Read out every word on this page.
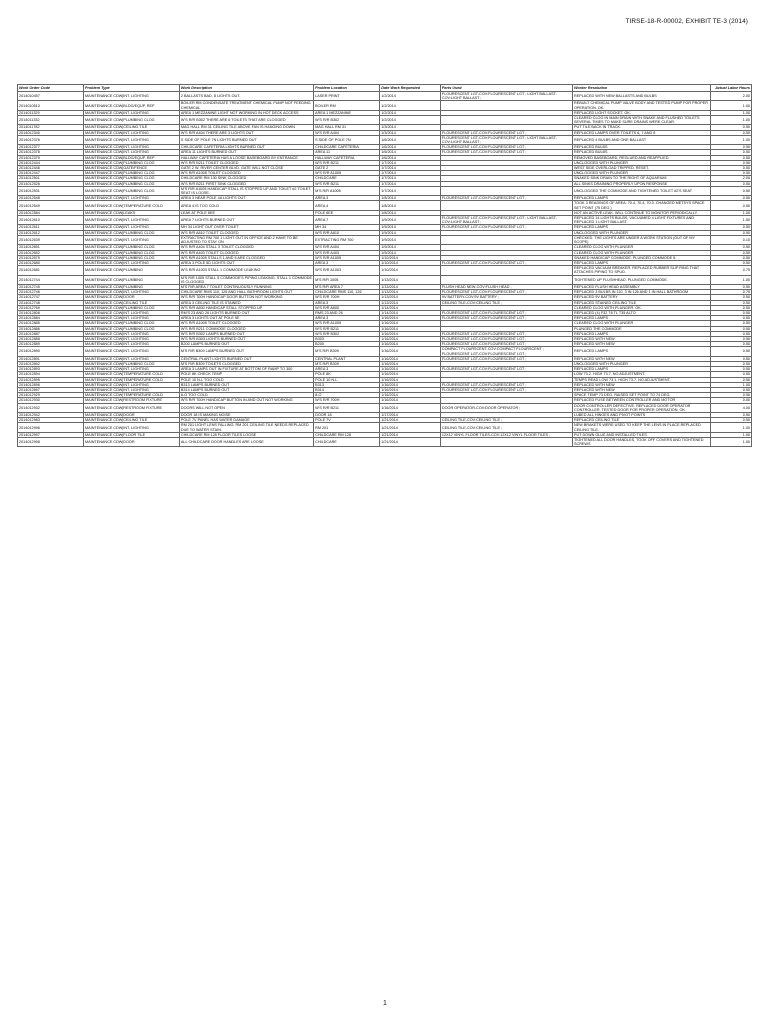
TIRSE-18-R-00002, EXHIBIT TE-3 (2014)
Work Order Code	Problem Type	Work Description	Problem Location	Date Work Requested	Parts Used	Worker Resolution	Actual Labor Hours
2014010457	MAINTENANCE CDW|INT. LIGHTING	2 BALLASTS BAD. 8 LIGHTS OUT.	LASER PRINT	1/2/2014	FLOURESCENT LGT-COV:FLOURESCENT LGT ; LIGHT BALLAST-COV:LIGHT BALLAST ;	REPLACED WITH NEW BALLASTS AND BULBS	2.00
2014010510	MAINTENANCE CDW|BLDG/EQUP. REP	BOILER RM CONDENSATE TREATMENT CHEMICAL PUMP NOT FEEDING CHEMICAL	BOILER RM	1/2/2014		REBUILT CHEMICAL PUMP VALVE BODY AND TESTED PUMP FOR PROPER OPERATION. OK.	1.00
2014011329	MAINTENANCE CDW|INT. LIGHTING	AREA 1 MEZZANINE LIGHT NOT WORKING IN HOT DECK ACCESS	AREA 1 MEZZANINE	1/2/2014		REPLACED LIGHT SOCKET. OK.	1.00
2014011332	MAINTENANCE CDW|PLUMBING CLOG	W'S R/R B302 THERE ARE 6 TOILETS THAT ARE CLOGGED	W'S R/R B302	1/2/2014		CLEARED CLOG IN MAIN DRAIN WITH SNAKE AND FLUSHED TOILETS SEVERAL TIMES TO MAKE SURE DRAINS WERE CLEAR.	1.00
2014011782	MAINTENANCE CDW|CEILING TILE	MAG HALL RM 31 CEILING TILE ABOVE FAN IS HANGING DOWN	MAG HALL RM 31	1/3/2014		PUT TILE BACK IN TRACK.	0.50
2014012340	MAINTENANCE CDW|INT. LIGHTING	W'S R/R A404 THERE ARE 3 LIGHTS OUT	W'S R/R A404	1/3/2014	FLOURESCENT LGT-COV:FLOURESCENT LGT ;	REPLACED LAMPS OVER TOILETS 6, 7 AND 8	0.50
2014012376	MAINTENANCE CDW|INT. LIGHTING	S SIDE OF POLE 7N LIGHTS BURNED OUT	S SIDE OF POLE 7N	1/6/2014	FLOURESCENT LGT-COV:FLOURESCENT LGT ; LIGHT BALLAST-COV:LIGHT BALLAST ;	REPLACED 4 BULBS AND ONE BALLAST	1.00
2014012377	MAINTENANCE CDW|INT. LIGHTING	CHILDCARE CAFETERIA LIGHTS BURNED OUT	CHILDCARE CAFETERIA	1/6/2014	FLOURESCENT LGT-COV:FLOURESCENT LGT ;	REPLACED BULBS	0.50
2014012378	MAINTENANCE CDW|INT. LIGHTING	AREA 11 LIGHTS BURNED OUT	AREA 11	1/6/2014	FLOURESCENT LGT-COV:FLOURESCENT LGT ;	REPLACED BULBS	0.50
2014012379	MAINTENANCE CDW|BLDG/EQUP. REP	HALLWAY CAFETERIA HAS A LOOSE BASEBOARD BY ENTRANCE	HALLWAY CAFETERIA	1/6/2014		REMOVED BASEBOARD, REGLUED AND REAPPLIED.	0.50
2014012444	MAINTENANCE CDW|PLUMBING CLOG	W'S R/R B211 TOILET CLOGGED	W'S R/R B211	1/7/2014		UNCLOGGED WITH PLUNGER	0.50
2014012446	MAINTENANCE CDW|GATE/FENCE	GATE 2 W. RIVER CENTER BLVD. GATE WILL NOT CLOSE	GATE 2	1/7/2014		WEST SIDE OVERLOAD TRIPPED. RESET.	0.50
2014012447	MAINTENANCE CDW|PLUMBING CLOG	W'S R/R A1005 TOILET CLOGGED	W'S R/R A1005	1/7/2014		UNCLOGGED WITH PLUNGER	0.50
2014012501	MAINTENANCE CDW|PLUMBING CLOG	CHILDCARE RM 130 SINK CLOGGED	CHILDCARE	1/7/2014		SNAKED SINK DRAIN TO THE RIGHT OF AQUARIUM	2.00
2014012526	MAINTENANCE CDW|PLUMBING CLOG	W'S R/R B211 FIRST SINK CLOGGED	W'S R/R B211	1/7/2014		ALL SINKS DRAINING PROPERLY UPON RESPONSE	0.50
2014012531	MAINTENANCE CDW|PLUMBING CLOG	M'S R/R A1005 HANDICAP STALL IS STOPPED UP AND TOILET #2 TOILET SEAT IS LOOSE.	M'S R/R A1005	1/7/2014		UNCLOGGED THE COMMODE AND TIGHTENED TOILET #2'S SEAT	0.50
2014012548	MAINTENANCE CDW|INT. LIGHTING	AREA 3 NEAR POLE 4A LIGHTS OUT	AREA 3	1/8/2014	FLOURESCENT LGT-COV:FLOURESCENT LGT ;	REPLACED LAMPS	0.50
2014012549	MAINTENANCE CDW|TEMPERATURE COLD	AREA 4 IS TOO COLD	AREA 4	1/8/2014		TOOK 3 READINGS OF AREA: 70.4, 70.4, 70.3. CHANGED METSYS SPACE SET POINT (75 DEG.)	0.50
2014012584	MAINTENANCE CDW|LEAKS	LEAK AT POLE 6EE	POLE 6EE	1/8/2014		NOT AN ACTIVE LEAK. WILL CONTINUE TO MONITOR PERIODICALLY.	1.00
2014012610	MAINTENANCE CDW|INT. LIGHTING	AREA 7 LIGHTS BURNED OUT	AREA 7	1/9/2014	FLOURESCENT LGT-COV:FLOURESCENT LGT ; LIGHT BALLAST-COV:LIGHT BALLAST ;	REPLACED 14 LIGHTS BULBS, VACUUMED 4 LIGHT FIXTURES AND REPLACED 1 LIGHT BALLAST.	1.50
2014012611	MAINTENANCE CDW|INT. LIGHTING	MH 34 LIGHT OUT OVER TOILET	MH 34	1/9/2014	FLOURESCENT LGT-COV:FLOURESCENT LGT ;	REPLACED LAMPS	0.50
2014012612	MAINTENANCE CDW|PLUMBING CLOG	W'S R/R A810 TOILET CLOGGED	W'S R/R A810	1/9/2014		UNCLOGGED WITH PLUNGER	0.50
2014012639	MAINTENANCE CDW|INT. LIGHTING	EXTRACTING RM 700 1 LIGHT OUT IN OFFICE AND 2 HAVE TO BE ADJUSTED TO STAY ON	EXTRACTING RM 700	1/9/2014		CHECKED. THE LIGHTS ARE UNDER A WORK STATION (OUT OF MY SCOPE)	0.10
2014012651	MAINTENANCE CDW|PLUMBING CLOG	W'S R/R A404 STALL 3 TOILET CLOGGED	W'S R/R A404	1/9/2014		CLEARED CLOG WITH PLUNGER	0.50
2014012652	MAINTENANCE CDW|PLUMBING CLOG	W'S R/R A403 TOILET CLOGGED	W'S R/R A403	1/9/2014		CLEARED CLOG WITH PLUNGER	0.50
2014012679	MAINTENANCE CDW|PLUMBING CLOG	W'S R/R A1005 STALLS 1 AND 5 ARE CLOGGED	W'S R/R A1005	1/10/2014		SNAKED HANDICAP COMMODE. PLUNGED COMMODE 5.	0.50
2014012680	MAINTENANCE CDW|INT. LIGHTING	AREA 3 POLE 5D LIGHTS OUT	AREA 3	1/10/2014	FLOURESCENT LGT-COV:FLOURESCENT LGT ;	REPLACED LAMPS	0.50
2014012681	MAINTENANCE CDW|PLUMBING	W'S R/R A1003 STALL 1 COMMODE LEAKING	W'S R/R A1003	1/10/2014		REPLACED VACUUM BREAKER. REPLACED RUBBER SLIP RING THAT ATTACHES PIPING TO SPUD.	0.75
2014012744	MAINTENANCE CDW|PLUMBING	M'S R/R 1005 STALL 5 COMMODE'S PIPING LEAKING. STALL 1 COMMODE IS CLOGGED	M'S R/R 1005	1/13/2014		TIGHTENED UP FLUSHHEAD. PLUNGED COMMODE.	1.00
2014012745	MAINTENANCE CDW|PLUMBING	M'S R/R AREA 7 TOILET CONTINUOUSLY RUNNING	M'S R/R AREA 7	1/13/2014	FLUSH HEAD NEW-COV:FLUSH HEAD ;	REPLACED FLUSH HEAD ASSEMBLY	0.50
2014012746	MAINTENANCE CDW|INT. LIGHTING	CHILDCARE RMS 110, 126 AND HALL BATHROOM LIGHTS OUT	CHILDCARE RMS 110, 126	1/13/2014	FLOURESCENT LGT-COV:FLOURESCENT LGT ;	REPLACED 3 BULBS IN 110, 3 IN 126 AND 1 IN HALL BATHROOM	0.75
2014012747	MAINTENANCE CDW|DOOR	W'S R/R 700H HANDICAP DOOR BUTTON NOT WORKING	W'S R/R 700H	1/13/2014	9V BATTERY-COV:9V BATTERY ;	REPLACED 9V BATTERY	0.50
2014012748	MAINTENANCE CDW|CEILING TILE	AREA 3 CEILING TILE IS STAINED	AREA 3	1/13/2014	CEILING TILE-COV:CEILING TILE ;	REPLACED STAINED CEILING TILE	0.50
2014012769	MAINTENANCE CDW|PLUMBING CLOG	W'S R/R A600 HANDICAP STALL STOPPED UP	W'S R/R A600	1/14/2014		CLEARED CLOG WITH PLUNGER. OK.	0.50
2014012808	MAINTENANCE CDW|INT. LIGHTING	RM'S 23 AND 26 LIGHTS BURNED OUT	RMS 23 AND 26	1/14/2014	FLOURESCENT LGT-COV:FLOURESCENT LGT ;	REPLACED (4) F32 T8 TL T35 ALTO	0.50
2014012884	MAINTENANCE CDW|INT. LIGHTING	AREA 3 LIGHTS OUT AT POLE 5E	AREA 3	1/16/2014	FLOURESCENT LGT-COV:FLOURESCENT LGT ;	REPLACED LAMPS	0.50
2014012885	MAINTENANCE CDW|PLUMBING CLOG	W'S R/R A1005 TOILET CLOGGED	W'S R/R A1005	1/16/2014		CLEARED CLOG WITH PLUNGER	0.50
2014012886	MAINTENANCE CDW|PLUMBING CLOG	W'S R/R B211 COMMODE CLOGGED	W'S R/R B211	1/16/2014		PLUNGED THE COMMODE	0.50
2014012887	MAINTENANCE CDW|INT. LIGHTING	W'S R/R B302 LAMPS BURNED OUT	W'S R/R B302	1/16/2014	FLOURESCENT LGT-COV:FLOURESCENT LGT ;	REPLACED LAMPS	0.50
2014012888	MAINTENANCE CDW|INT. LIGHTING	W'S R/R B303 LIGHTS BURNED OUT	B303	1/16/2014	FLOURESCENT LGT-COV:FLOURESCENT LGT ;	REPLACED WITH NEW	0.50
2014012889	MAINTENANCE CDW|INT. LIGHTING	B200 LAMPS BURNED OUT	B200	1/16/2014	FLOURESCENT LGT-COV:FLOURESCENT LGT ;	REPLACED WITH NEW	0.50
2014012890	MAINTENANCE CDW|INT. LIGHTING	M'S R/R B309 LAMPS BURNED OUT	M'S R/R B309	1/16/2014	COMPACT FLOURSCENT-COV:COMPACT FLOURSCENT ; FLOURESCENT LGT-COV:FLOURESCENT LGT ;	REPLACED LAMPS	0.50
2014012891	MAINTENANCE CDW|INT. LIGHTING	CENTRAL PLANT LIGHTS BURNED OUT	CENTRAL PLANT	1/16/2014	FLOURESCENT LGT-COV:FLOURESCENT LGT ;	REPLACED WITH NEW	0.50
2014012892	MAINTENANCE CDW|PLUMBING CLOG	M'S R/R B309 TOILETS CLOGGED	M'S R/R B309	1/16/2014		UNCLOGGED WITH PLUNGER	0.50
2014012893	MAINTENANCE CDW|INT. LIGHTING	AREA 3 LAMPS OUT IN FIXTURE AT BOTTOM OF RAMP TO 300	AREA 3	1/16/2014	FLOURESCENT LGT-COV:FLOURESCENT LGT ;	REPLACED LAMPS	0.50
2014012894	MAINTENANCE CDW|TEMPERATURE COLD	POLE 8K CHECK TEMP	POLE 8K	1/16/2014		LOW 73.2. HIGH 73.7. NO ADJUSTMENT.	0.50
2014012895	MAINTENANCE CDW|TEMPERATURE COLD	POLE 10 N-L TOO COLD	POLE 10 N-L	1/16/2014		TEMPS READ LOW 73.1. HIGH 73.7. NO ADJUSTMENT.	0.50
2014012896	MAINTENANCE CDW|INT. LIGHTING	B313 LAMPS BURNED OUT	B313	1/16/2014	FLOURESCENT LGT-COV:FLOURESCENT LGT ;	REPLACED WITH NEW	1.00
2014012897	MAINTENANCE CDW|INT. LIGHTING	B314 LAMPS BURNED OUT	B314	1/16/2014	FLOURESCENT LGT-COV:FLOURESCENT LGT ;	REPLACED WITH NEW	0.50
2014012929	MAINTENANCE CDW|TEMPERATURE COLD	8-O TOO COLD	8-O	1/16/2014		SPACE TEMP 73 DEG. RAISED SET POINT TO 74 DEG.	0.50
2014012930	MAINTENANCE CDW|RESTROOM FIXTURE	W'S R/R 700H HANDICAP BUTTON IN AND OUT NOT WORKING	W'S R/R 700H	1/16/2014		REPLACED FUSE BETWEEN CONTROLLER AND MOTOR	0.00
2014012932	MAINTENANCE CDW|RESTROOM FIXTURE	DOORS WILL NOT OPEN	W'S R/R B211	1/16/2014	DOOR OPERATOR-COV:DOOR OPERATOR ;	DOOR CONTROLLER DEFECTIVE. REPLACED DOOR OPERATOR CONTROLLER. TESTED DOOR FOR PROPER OPERATION. OK.	4.00
2014012942	MAINTENANCE CDW|DOOR	DOOR 18 IS MAKING NOISE	DOOR 18	1/17/2014		LUBED ALL HINGES AND PIVOT POINTS	0.50
2014012983	MAINTENANCE CDW|CEILING TILE	POLE 7V PANEL HAS WATER DAMAGE	POLE 7V	1/21/2014	CEILING TILE-COV:CEILING TILE ;	REPLACED CEILING TILE	0.50
2014012996	MAINTENANCE CDW|INT. LIGHTING	RM 201 LIGHT LENS FALLING. RM 201 CEILING TILE NEEDS REPLACED DUE TO WATER STAIN.	RM 201	1/21/2014	CEILING TILE-COV:CEILING TILE ;	NEW BRAKETS WERE USED TO KEEP THE LENS IN PLACE.REPLACED CEILING TILE.	1.00
2014012997	MAINTENANCE CDW|FLOOR TILE	CHILDCARE RM 128 FLOOR TILES LOOSE	CHILDCARE RM 128	1/21/2014	12X12 VINYL FLOOR TILES-COV:12X12 VINYL FLOOR TILES ;	PUT DOWN GLUE AND INSTALLED TILES	1.00
2014012998	MAINTENANCE CDW|DOOR	ALL CHILDCARE DOOR HANDLES ARE LOOSE	CHILDCARE	1/21/2014		TIGHTENED ALL DOOR HANDLES, TOOK OFF COVERS AND TIGHTENED SCREWS	1.00
1
